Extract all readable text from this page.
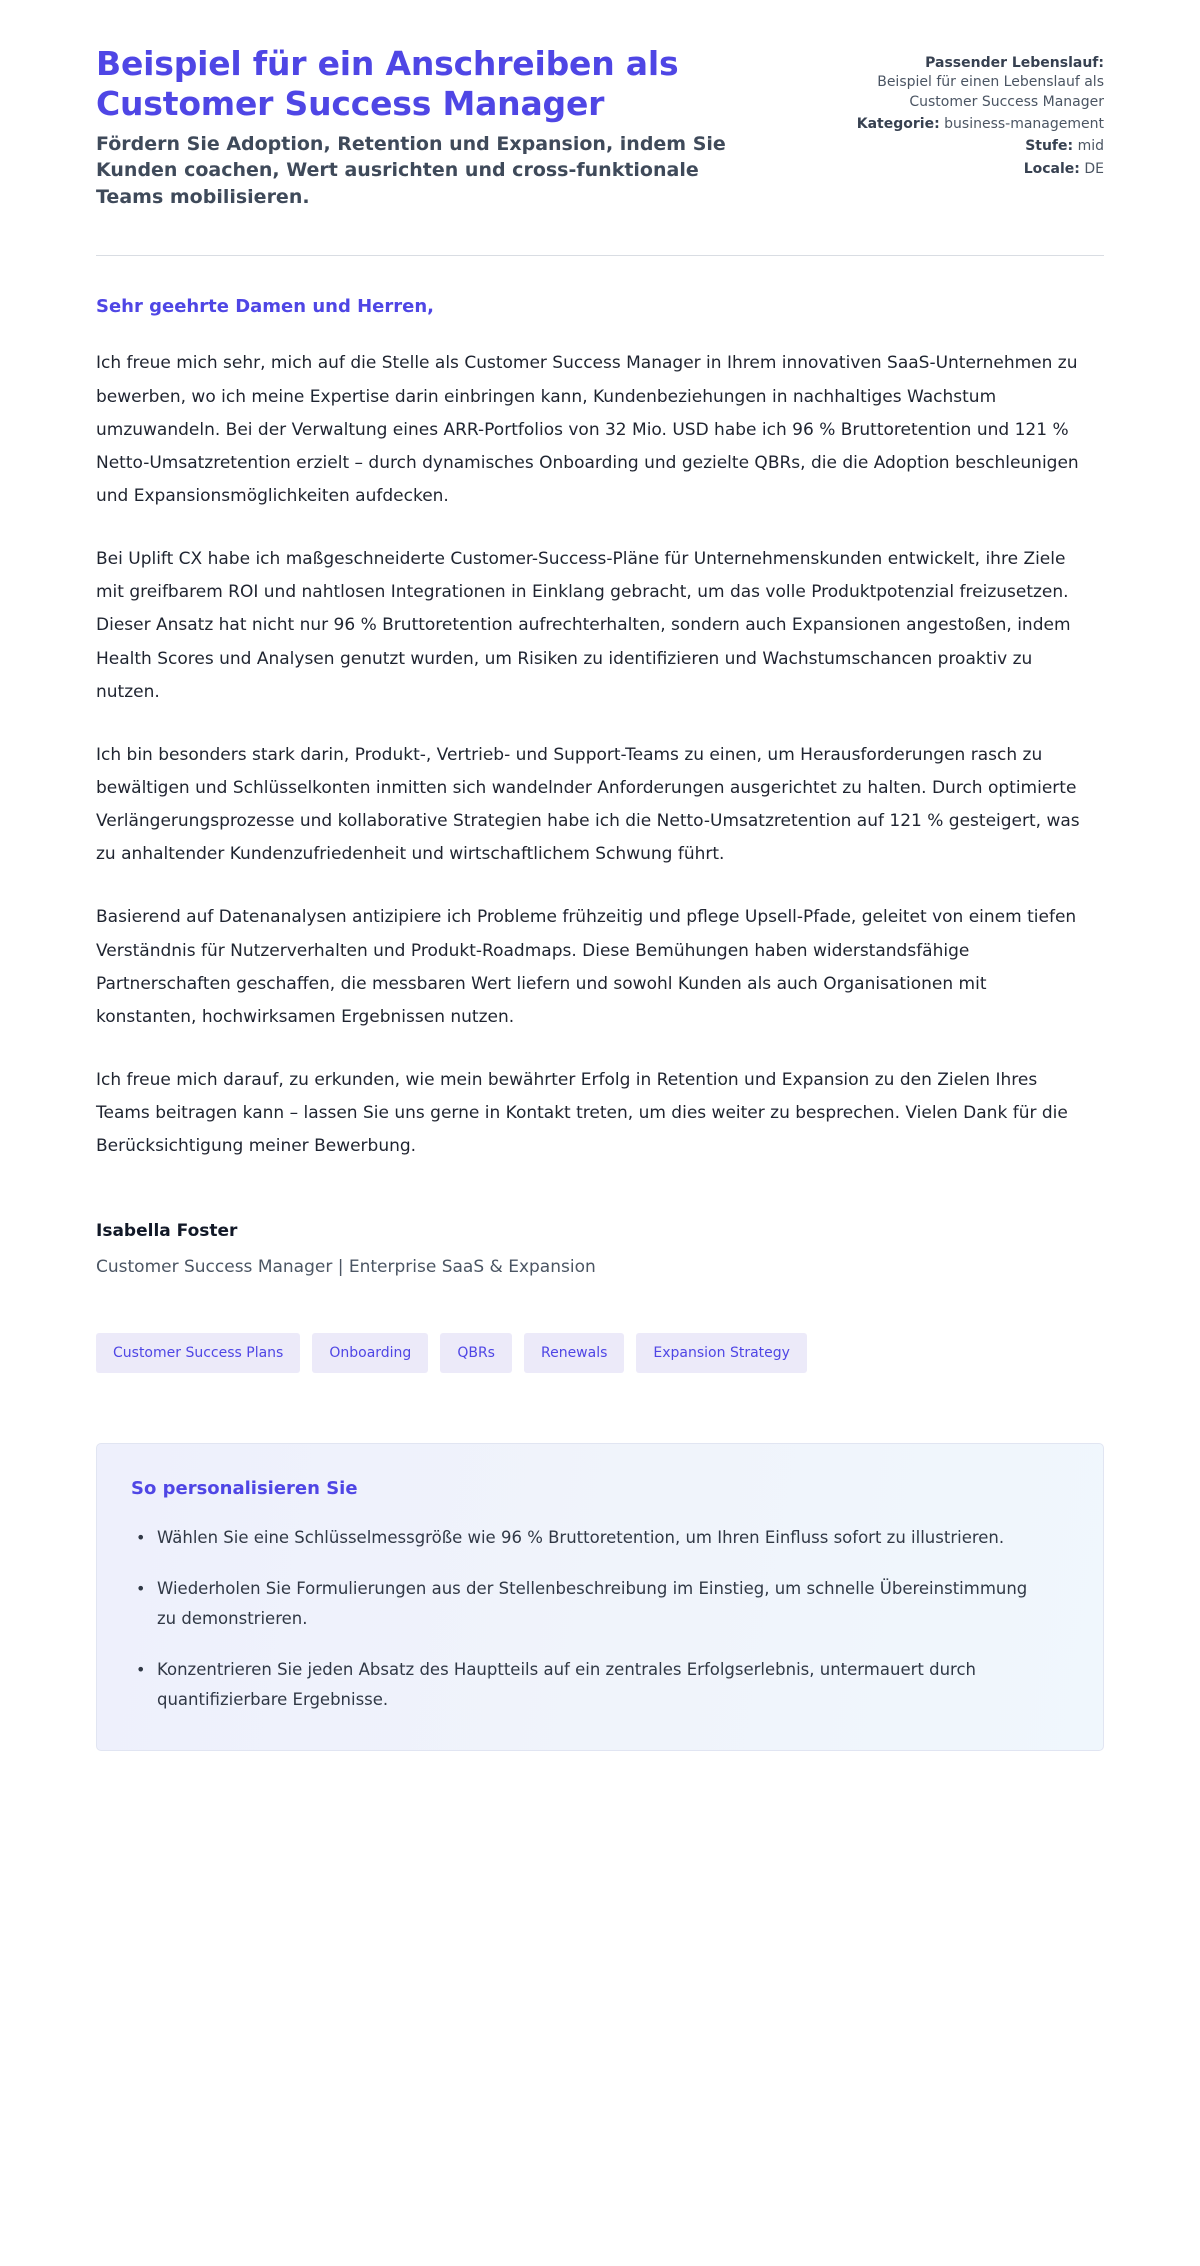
Beispiel für ein Anschreiben als Customer Success Manager

Fördern Sie Adoption, Retention und Expansion, indem Sie Kunden coachen, Wert ausrichten und cross-funktionale Teams mobilisieren.

Passender Lebenslauf:
Beispiel für einen Lebenslauf als Customer Success Manager
Kategorie: business-management
Stufe: mid
Locale: DE

Sehr geehrte Damen und Herren,

Ich freue mich sehr, mich auf die Stelle als Customer Success Manager in Ihrem innovativen SaaS-Unternehmen zu bewerben, wo ich meine Expertise darin einbringen kann, Kundenbeziehungen in nachhaltiges Wachstum umzuwandeln. Bei der Verwaltung eines ARR-Portfolios von 32 Mio. USD habe ich 96 % Bruttoretention und 121 % Netto-Umsatzretention erzielt – durch dynamisches Onboarding und gezielte QBRs, die die Adoption beschleunigen und Expansionsmöglichkeiten aufdecken.

Bei Uplift CX habe ich maßgeschneiderte Customer-Success-Pläne für Unternehmenskunden entwickelt, ihre Ziele mit greifbarem ROI und nahtlosen Integrationen in Einklang gebracht, um das volle Produktpotenzial freizusetzen. Dieser Ansatz hat nicht nur 96 % Bruttoretention aufrechterhalten, sondern auch Expansionen angestoßen, indem Health Scores und Analysen genutzt wurden, um Risiken zu identifizieren und Wachstumschancen proaktiv zu nutzen.

Ich bin besonders stark darin, Produkt-, Vertrieb- und Support-Teams zu einen, um Herausforderungen rasch zu bewältigen und Schlüsselkonten inmitten sich wandelnder Anforderungen ausgerichtet zu halten. Durch optimierte Verlängerungsprozesse und kollaborative Strategien habe ich die Netto-Umsatzretention auf 121 % gesteigert, was zu anhaltender Kundenzufriedenheit und wirtschaftlichem Schwung führt.

Basierend auf Datenanalysen antizipiere ich Probleme frühzeitig und pflege Upsell-Pfade, geleitet von einem tiefen Verständnis für Nutzerverhalten und Produkt-Roadmaps. Diese Bemühungen haben widerstandsfähige Partnerschaften geschaffen, die messbaren Wert liefern und sowohl Kunden als auch Organisationen mit konstanten, hochwirksamen Ergebnissen nutzen.

Ich freue mich darauf, zu erkunden, wie mein bewährter Erfolg in Retention und Expansion zu den Zielen Ihres Teams beitragen kann – lassen Sie uns gerne in Kontakt treten, um dies weiter zu besprechen. Vielen Dank für die Berücksichtigung meiner Bewerbung.

Isabella Foster

Customer Success Manager | Enterprise SaaS & Expansion

Customer Success Plans	Onboarding	QBRs	Renewals	Expansion Strategy

So personalisieren Sie

• Wählen Sie eine Schlüsselmessgröße wie 96 % Bruttoretention, um Ihren Einfluss sofort zu illustrieren.
• Wiederholen Sie Formulierungen aus der Stellenbeschreibung im Einstieg, um schnelle Übereinstimmung zu demonstrieren.
• Konzentrieren Sie jeden Absatz des Hauptteils auf ein zentrales Erfolgserlebnis, untermauert durch quantifizierbare Ergebnisse.
